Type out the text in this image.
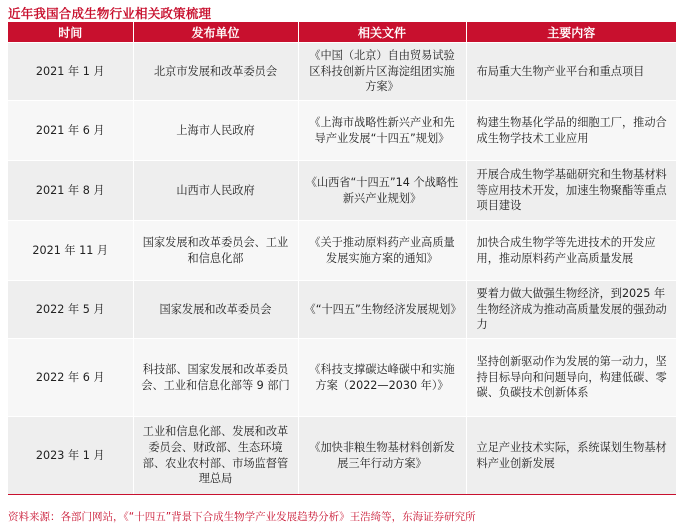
近年我国合成生物行业相关政策梳理
时间	发布单位	相关文件	主要内容
2021 年 1 月	北京市发展和改革委员会	《中国（北京）自由贸易试验区科技创新片区海淀组团实施方案》	布局重大生物产业平台和重点项目
2021 年 6 月	上海市人民政府	《上海市战略性新兴产业和先导产业发展“十四五”规划》	构建生物基化学品的细胞工厂，推动合成生物学技术工业应用
2021 年 8 月	山西市人民政府	《山西省“十四五”14 个战略性新兴产业规划》	开展合成生物学基础研究和生物基材料等应用技术开发，加速生物聚酯等重点项目建设
2021 年 11 月	国家发展和改革委员会、工业和信息化部	《关于推动原料药产业高质量发展实施方案的通知》	加快合成生物学等先进技术的开发应用，推动原料药产业高质量发展
2022 年 5 月	国家发展和改革委员会	《“十四五”生物经济发展规划》	要着力做大做强生物经济，到2025 年生物经济成为推动高质量发展的强劲动力
2022 年 6 月	科技部、国家发展和改革委员会、工业和信息化部等 9 部门	《科技支撑碳达峰碳中和实施方案（2022—2030 年）》	坚持创新驱动作为发展的第一动力，坚持目标导向和问题导向，构建低碳、零碳、负碳技术创新体系
2023 年 1 月	工业和信息化部、发展和改革委员会、财政部、生态环境部、农业农村部、市场监督管理总局	《加快非粮生物基材料创新发展三年行动方案》	立足产业技术实际，系统谋划生物基材料产业创新发展
资料来源：各部门网站，《“十四五”背景下合成生物学产业发展趋势分析》王浩绮等，东海证券研究所
